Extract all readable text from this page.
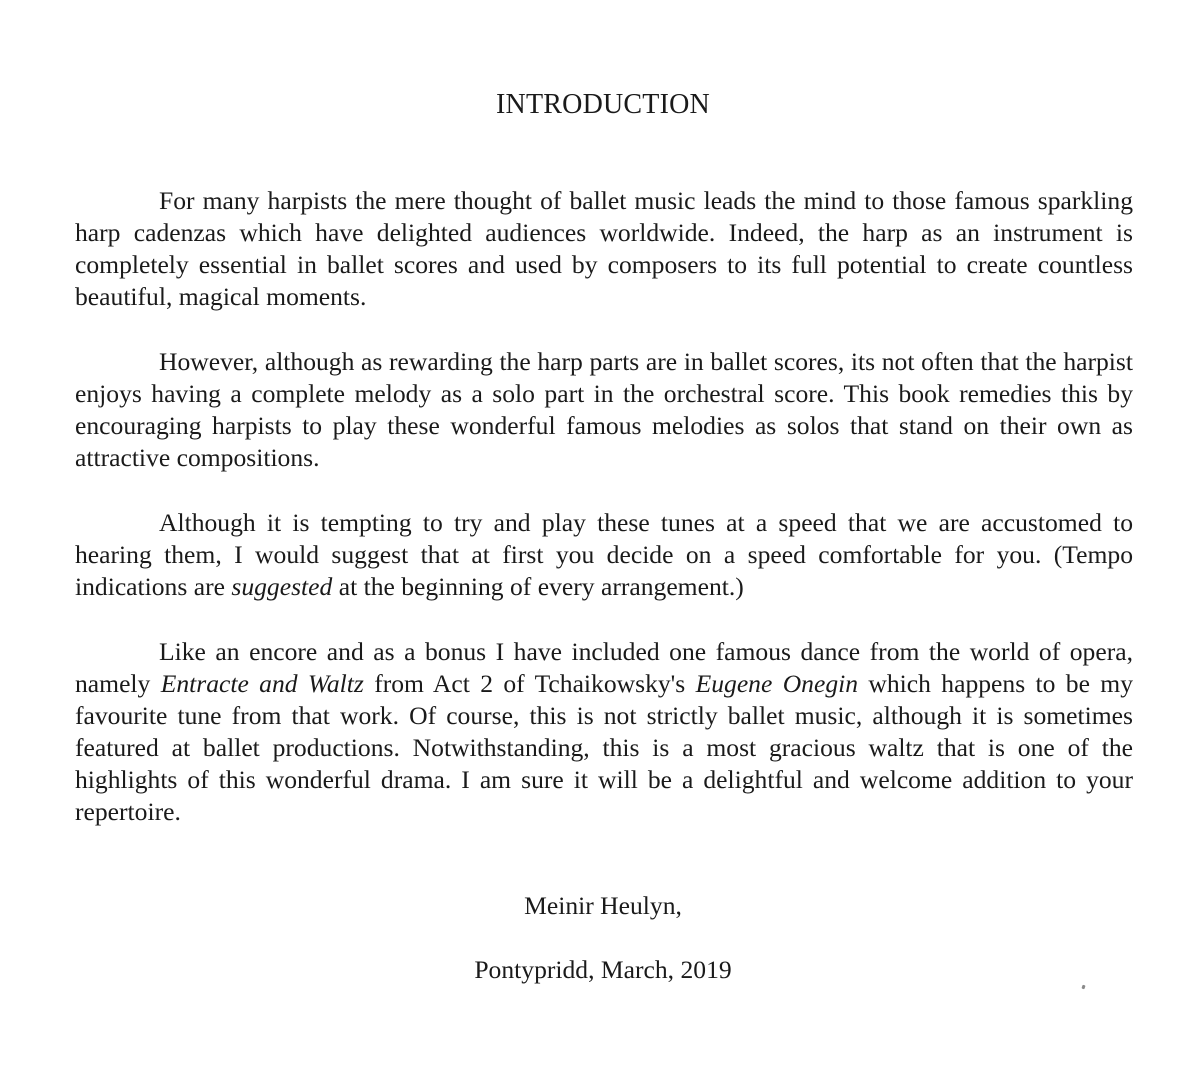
INTRODUCTION

For many harpists the mere thought of ballet music leads the mind to those famous sparkling harp cadenzas which have delighted audiences worldwide. Indeed, the harp as an instrument is completely essential in ballet scores and used by composers to its full potential to create countless beautiful, magical moments.

However, although as rewarding the harp parts are in ballet scores, its not often that the harpist enjoys having a complete melody as a solo part in the orchestral score. This book remedies this by encouraging harpists to play these wonderful famous melodies as solos that stand on their own as attractive compositions.

Although it is tempting to try and play these tunes at a speed that we are accustomed to hearing them, I would suggest that at first you decide on a speed comfortable for you. (Tempo indications are suggested at the beginning of every arrangement.)

Like an encore and as a bonus I have included one famous dance from the world of opera, namely Entracte and Waltz from Act 2 of Tchaikowsky's Eugene Onegin which happens to be my favourite tune from that work. Of course, this is not strictly ballet music, although it is sometimes featured at ballet productions. Notwithstanding, this is a most gracious waltz that is one of the highlights of this wonderful drama. I am sure it will be a delightful and welcome addition to your repertoire.

Meinir Heulyn,
Pontypridd, March, 2019
